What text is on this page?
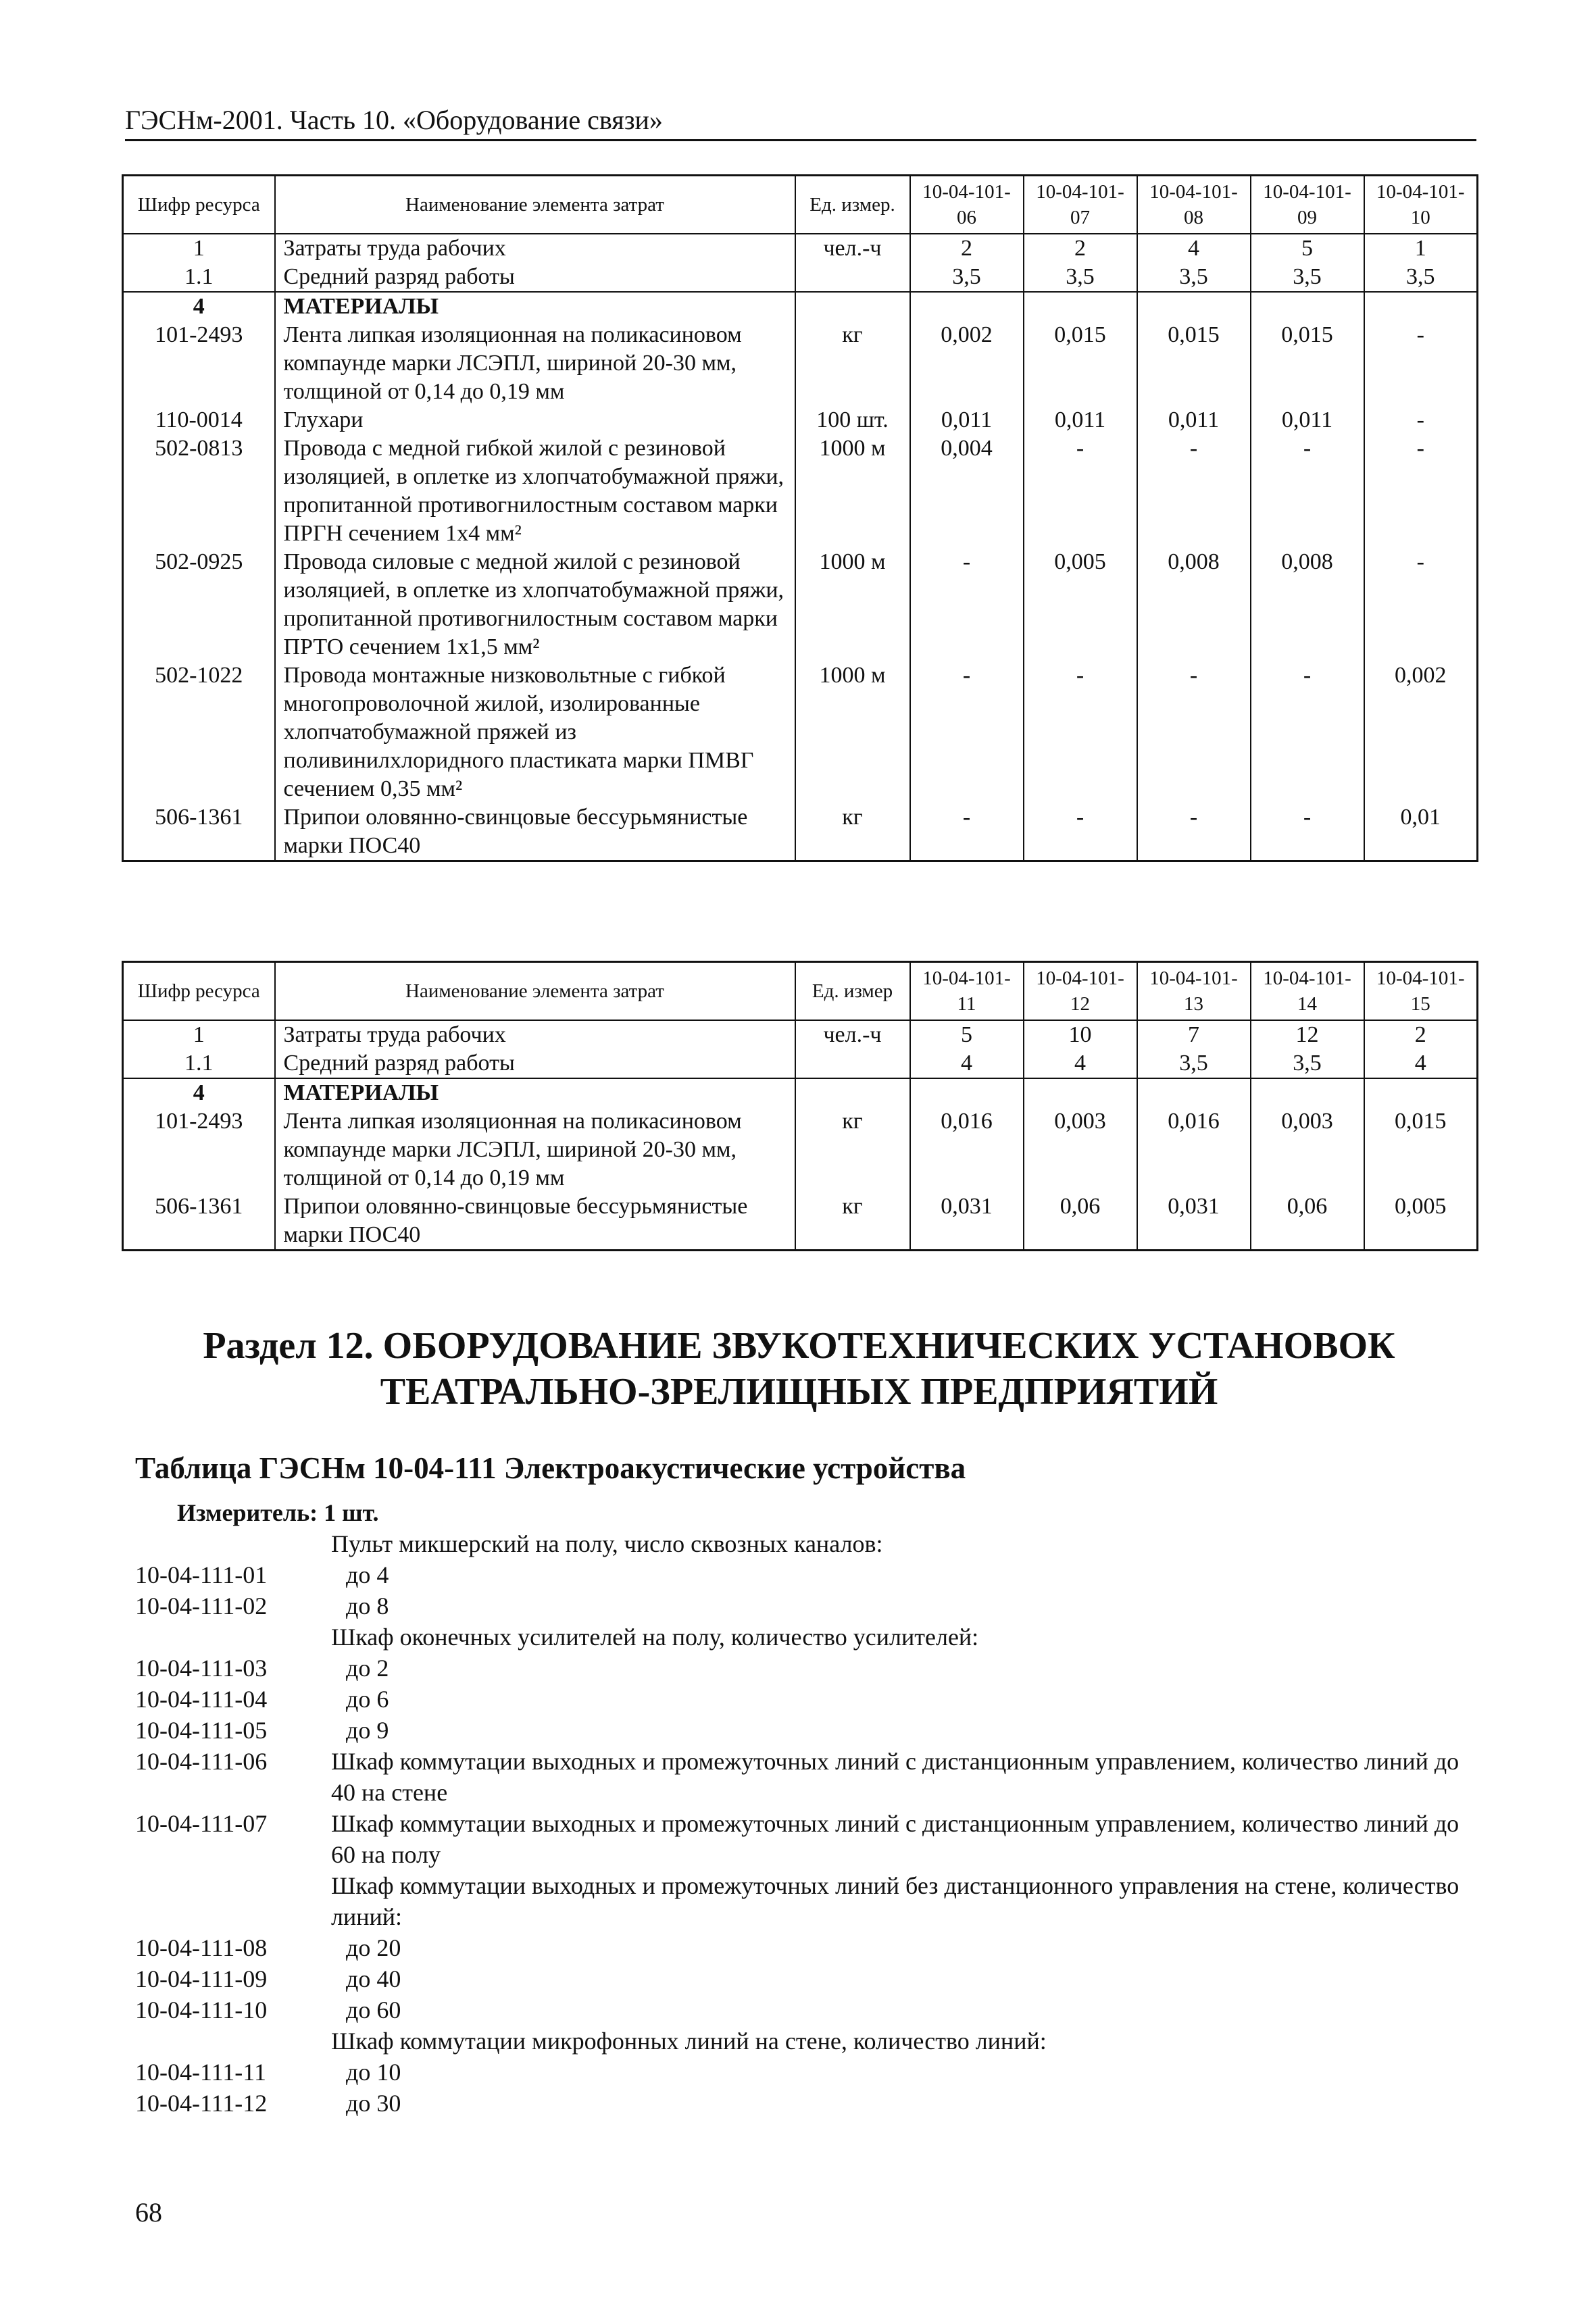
ГЭСНм-2001. Часть 10. «Оборудование связи»
Шифр ресурса	Наименование элемента затрат	Ед. измер.	10-04-101-06	10-04-101-07	10-04-101-08	10-04-101-09	10-04-101-10
1	Затраты труда рабочих	чел.-ч	2	2	4	5	1
1.1	Средний разряд работы		3,5	3,5	3,5	3,5	3,5
4	МАТЕРИАЛЫ						
101-2493	Лента липкая изоляционная на поликасиновом компаунде марки ЛСЭПЛ, шириной 20-30 мм, толщиной от 0,14 до 0,19 мм	кг	0,002	0,015	0,015	0,015	-
110-0014	Глухари	100 шт.	0,011	0,011	0,011	0,011	-
502-0813	Провода с медной гибкой жилой с резиновой изоляцией, в оплетке из хлопчатобумажной пряжи, пропитанной противогнилостным составом марки ПРГН сечением 1х4 мм²	1000 м	0,004	-	-	-	-
502-0925	Провода силовые с медной жилой с резиновой изоляцией, в оплетке из хлопчатобумажной пряжи, пропитанной противогнилостным составом марки ПРТО сечением 1х1,5 мм²	1000 м	-	0,005	0,008	0,008	-
502-1022	Провода монтажные низковольтные с гибкой многопроволочной жилой, изолированные хлопчатобумажной пряжей из поливинилхлоридного пластиката марки ПМВГ сечением 0,35 мм²	1000 м	-	-	-	-	0,002
506-1361	Припои оловянно-свинцовые бессурьмянистые марки ПОС40	кг	-	-	-	-	0,01
Шифр ресурса	Наименование элемента затрат	Ед. измер	10-04-101-11	10-04-101-12	10-04-101-13	10-04-101-14	10-04-101-15
1	Затраты труда рабочих	чел.-ч	5	10	7	12	2
1.1	Средний разряд работы		4	4	3,5	3,5	4
4	МАТЕРИАЛЫ						
101-2493	Лента липкая изоляционная на поликасиновом компаунде марки ЛСЭПЛ, шириной 20-30 мм, толщиной от 0,14 до 0,19 мм	кг	0,016	0,003	0,016	0,003	0,015
506-1361	Припои оловянно-свинцовые бессурьмянистые марки ПОС40	кг	0,031	0,06	0,031	0,06	0,005
Раздел 12. ОБОРУДОВАНИЕ ЗВУКОТЕХНИЧЕСКИХ УСТАНОВОК
ТЕАТРАЛЬНО-ЗРЕЛИЩНЫХ ПРЕДПРИЯТИЙ
Таблица ГЭСНм 10-04-111 Электроакустические устройства
Измеритель: 1 шт.
Пульт микшерский на полу, число сквозных каналов:
10-04-111-01	до 4
10-04-111-02	до 8
Шкаф оконечных усилителей на полу, количество усилителей:
10-04-111-03	до 2
10-04-111-04	до 6
10-04-111-05	до 9
10-04-111-06	Шкаф коммутации выходных и промежуточных линий с дистанционным управлением, количество линий до 40 на стене
10-04-111-07	Шкаф коммутации выходных и промежуточных линий с дистанционным управлением, количество линий до 60 на полу
Шкаф коммутации выходных и промежуточных линий без дистанционного управления на стене, количество линий:
10-04-111-08	до 20
10-04-111-09	до 40
10-04-111-10	до 60
Шкаф коммутации микрофонных линий на стене, количество линий:
10-04-111-11	до 10
10-04-111-12	до 30
68
